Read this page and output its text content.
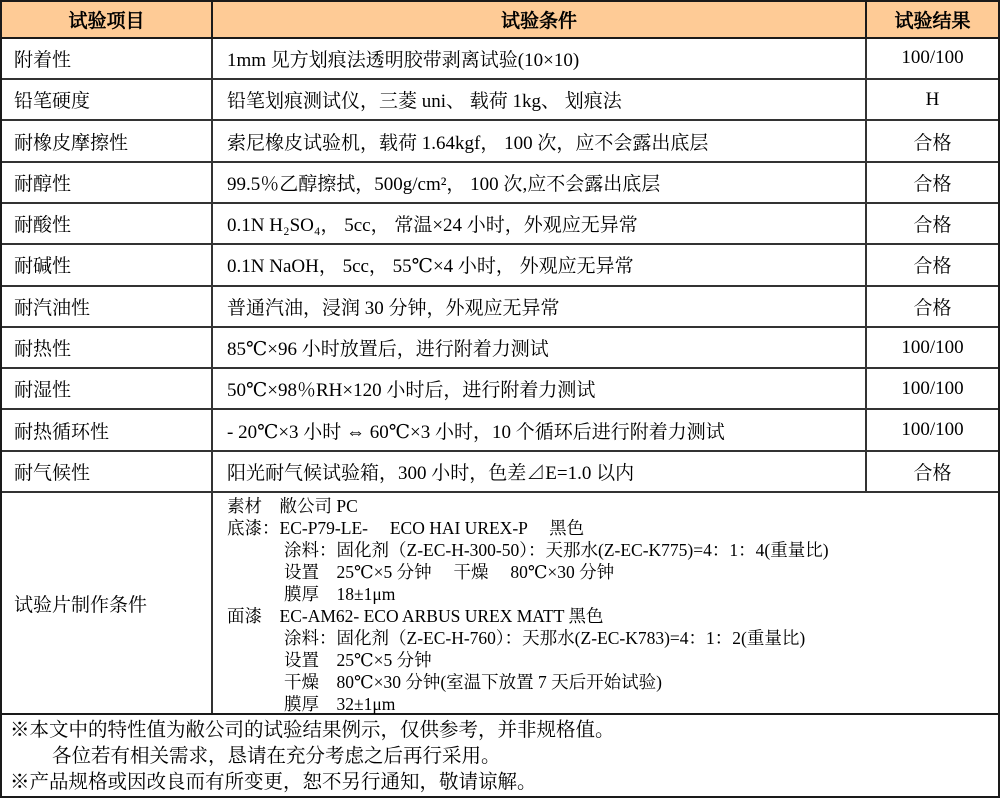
试验项目	试验条件	试验结果
附着性	1mm 见方划痕法透明胶带剥离试验(10×10)	100/100
铅笔硬度	铅笔划痕测试仪，三菱 uni、 载荷 1kg、 划痕法	H
耐橡皮摩擦性	索尼橡皮试验机，载荷 1.64kgf， 100 次，应不会露出底层	合格
耐醇性	99.5％乙醇擦拭，500g/cm²， 100 次,应不会露出底层	合格
耐酸性	0.1N H₂SO₄， 5cc， 常温×24 小时，外观应无异常	合格
耐碱性	0.1N NaOH， 5cc， 55℃×4 小时， 外观应无异常	合格
耐汽油性	普通汽油，浸润 30 分钟，外观应无异常	合格
耐热性	85℃×96 小时放置后，进行附着力测试	100/100
耐湿性	50℃×98％RH×120 小时后，进行附着力测试	100/100
耐热循环性	- 20℃×3 小时 ⇔ 60℃×3 小时，10 个循环后进行附着力测试	100/100
耐气候性	阳光耐气候试验箱，300 小时，色差⊿E=1.0 以内	合格
试验片制作条件
素材　敝公司 PC
底漆：EC-P79-LE-　 ECO HAI UREX-P　 黑色
涂料：固化剂（Z-EC-H-300-50）：天那水(Z-EC-K775)=4：1：4(重量比)
设置　25℃×5 分钟　 干燥　 80℃×30 分钟
膜厚　18±1μm
面漆　EC-AM62- ECO ARBUS UREX MATT 黑色
涂料：固化剂（Z-EC-H-760）：天那水(Z-EC-K783)=4：1：2(重量比)
设置　25℃×5 分钟
干燥　80℃×30 分钟(室温下放置 7 天后开始试验)
膜厚　32±1μm
※本文中的特性值为敝公司的试验结果例示，仅供参考，并非规格值。
各位若有相关需求，恳请在充分考虑之后再行采用。
※产品规格或因改良而有所变更，恕不另行通知，敬请谅解。
